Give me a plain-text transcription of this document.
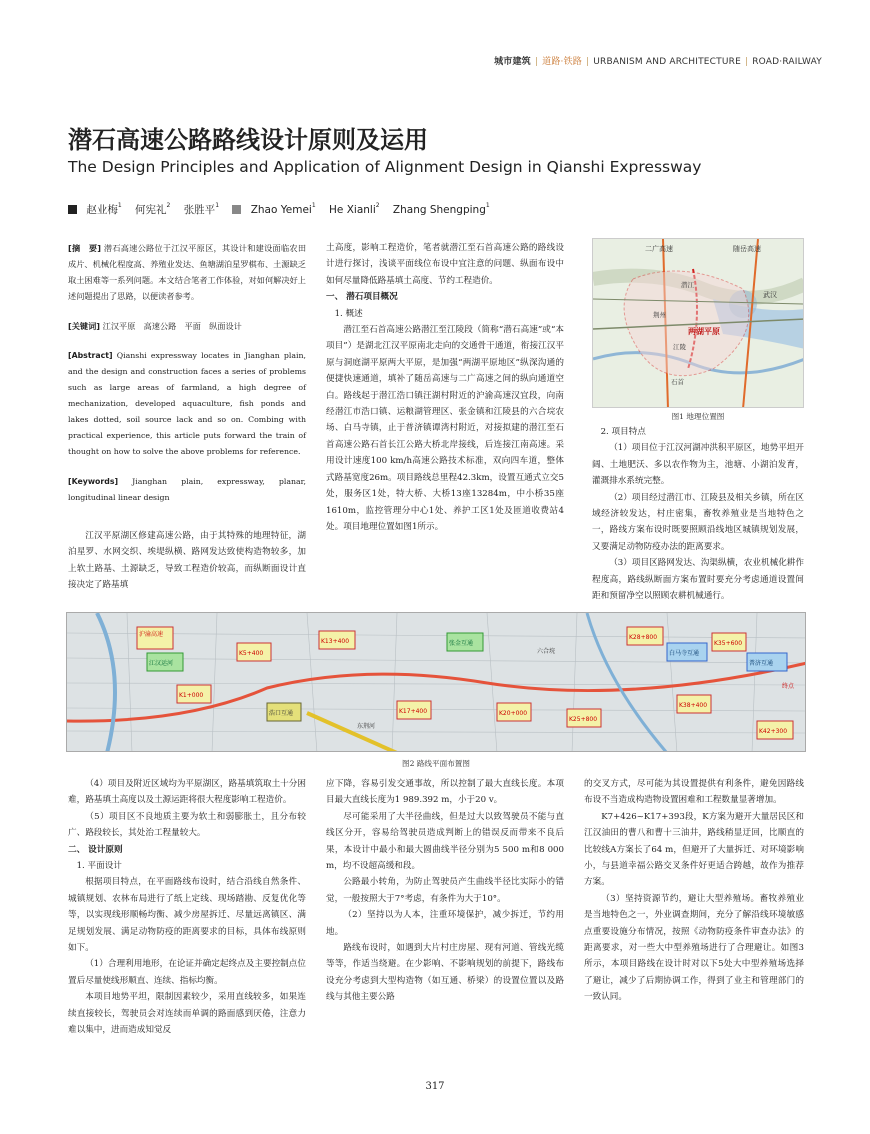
城市建筑 | 道路·铁路 | URBANISM AND ARCHITECTURE | ROAD·RAILWAY
潜石高速公路路线设计原则及运用
The Design Principles and Application of Alignment Design in Qianshi Expressway
赵业梅$^1$ 何宪礼$^2$ 张胜平$^1$	Zhao Yemei$^1$ He Xianli$^2$ Zhang Shengping$^1$

[摘　要] 潜石高速公路位于江汉平原区，其设计和建设面临农田成片、机械化程度高、养殖业发达、鱼塘湖泊星罗棋布、土源缺乏取土困难等一系列问题。本文结合笔者工作体验，对如何解决好上述问题提出了思路，以便读者参考。

[关键词] 江汉平原　高速公路　平面　纵面设计

[Abstract] Qianshi expressway locates in Jianghan plain, and the design and construction faces a series of problems such as large areas of farmland, a high degree of mechanization, developed aquaculture, fish ponds and lakes dotted, soil source lack and so on. Combing with practical experience, this article puts forward the train of thought on how to solve the above problems for reference.

[Keywords] Jianghan plain, expressway, planar, longitudinal linear design

江汉平原湖区修建高速公路，由于其特殊的地理特征，湖泊星罗、水网交织、埃堤纵横、路网发达致使构造物较多，加上软土路基、土源缺乏，导致工程造价较高，而纵断面设计直接决定了路基填

土高度，影响工程造价，笔者就潜江至石首高速公路的路线设计进行探讨，浅谈平面线位布设中宜注意的问题、纵面布设中如何尽量降低路基填土高度、节约工程造价。

一、 潜石项目概况

1. 概述

潜江至石首高速公路潜江至江陵段（简称“潜石高速”或“本项目”）是湖北江汉平原南北走向的交通骨干通道，衔接江汉平原与洞庭湖平原两大平原，是加强“两湖平原地区”纵深沟通的便捷快速通道，填补了随岳高速与二广高速之间的纵向通道空白。路线起于潜江浩口镇汪湖村附近的沪渝高速汉宜段，向南经潜江市浩口镇、运粮湖管理区、张金镇和江陵县的六合垸农场、白马寺镇，止于普济镇谭湾村附近，对接拟建的潜江至石首高速公路石首长江公路大桥北岸接线，后连接江南高速。采用设计速度100 km/h高速公路技术标准，双向四车道，整体式路基宽度26m。项目路线总里程42.3km，设置互通式立交5处，服务区1处，特大桥、大桥13座13284m，中小桥35座1610m，监控管理分中心1处、养护工区1处及匝道收费站4处。项目地理位置如图1所示。

二广高速	随岳高速
武汉
两湖平原
潜江
荆州
江陵
石首
图1 地理位置图

2. 项目特点

（1）项目位于江汉河湖冲洪积平原区，地势平坦开阔、土地肥沃、多以农作物为主，池塘、小湖泊发育，灌溉排水系统完整。

（2）项目经过潜江市、江陵县及相关乡镇，所在区域经济较发达，村庄密集，畜牧养殖业是当地特色之一，路线方案布设时既要照顾沿线地区城镇规划发展，又要满足动物防疫办法的距离要求。

（3）项目区路网发达、沟渠纵横，农业机械化耕作程度高，路线纵断面方案布置时要充分考虑通道设置间距和预留净空以照顾农耕机械通行。

沪渝高速
江汉运河
K1+000
K5+400
浩口互通
K13+400
东荆河
K17+400
张金互通
K20+000
六合垸
K25+800
K28+800
白马寺互通
K35+600
K38+400
普济互通
K42+300
终点
图2 路线平面布置图

（4）项目及附近区域均为平原湖区，路基填筑取土十分困难，路基填土高度以及土源运距将很大程度影响工程造价。

（5）项目区不良地质主要为软土和弱膨胀土，且分布较广、路段较长，其处治工程量较大。

二、 设计原则

1. 平面设计

根据项目特点，在平面路线布设时，结合沿线自然条件、城镇规划、农林布局进行了纸上定线、现场踏勘、反复优化等等，以实现线形顺畅均衡、减少房屋拆迁、尽量远离镇区、满足规划发展、满足动物防疫的距离要求的目标，具体布线原则如下。

（1）合理利用地形，在论证并确定起终点及主要控制点位置后尽量使线形顺直、连续、指标均衡。

本项目地势平坦，限制因素较少，采用直线较多，如果连续直接较长，驾驶员会对连续而单调的路面感到厌倦，注意力难以集中，进而造成知觉反

应下降，容易引发交通事故，所以控制了最大直线长度。本项目最大直线长度为1 989.392 m，小于20 v。

尽可能采用了大半径曲线，但是过大以致驾驶员不能与直线区分开，容易给驾驶员造成判断上的错误反而带来不良后果，本设计中最小和最大圆曲线半径分别为5 500 m和8 000 m，均不设超高缓和段。

公路最小转角，为防止驾驶员产生曲线半径比实际小的错觉，一般按照大于7°考虑，有条件为大于10°。

（2）坚持以为人本，注重环境保护，减少拆迁，节约用地。

路线布设时，如遇到大片村庄房屋、现有河道、管线光缆等等，作适当绕避。在少影响、不影响规划的前提下，路线布设充分考虑到大型构造物（如互通、桥梁）的设置位置以及路线与其他主要公路

的交叉方式，尽可能为其设置提供有利条件，避免因路线布设不当造成构造物设置困难和工程数量显著增加。

K7+426~K17+393段，K方案为避开大量居民区和江汉油田的曹八和曹十三油井，路线稍显迂回，比顺直的比较线A方案长了64 m，但避开了大量拆迁、对环境影响小，与县道幸福公路交叉条件好更适合跨越，故作为推荐方案。

（3）坚持资源节约，避让大型养殖场。畜牧养殖业是当地特色之一，外业调查期间，充分了解沿线环境敏感点重要设施分布情况，按照《动物防疫条件审查办法》的距离要求，对一些大中型养殖场进行了合理避让。如图3所示，本项目路线在设计时对以下5处大中型养殖场选择了避让，减少了后期协调工作，得到了业主和管理部门的一致认同。

317
